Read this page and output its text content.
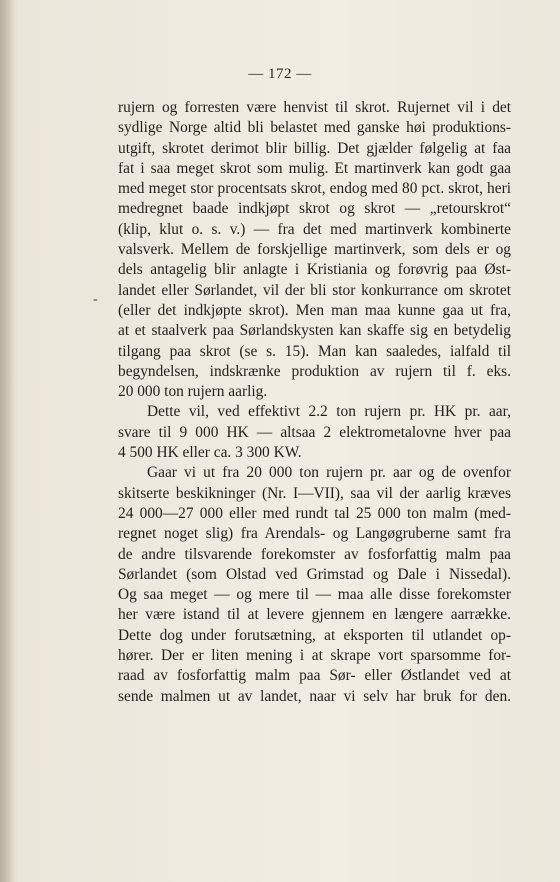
— 172 —
-
rujern og forresten være henvist til skrot. Rujernet vil i det
sydlige Norge altid bli belastet med ganske høi produktions-
utgift, skrotet derimot blir billig. Det gjælder følgelig at faa
fat i saa meget skrot som mulig. Et martinverk kan godt gaa
med meget stor procentsats skrot, endog med 80 pct. skrot, heri
medregnet baade indkjøpt skrot og skrot — „retourskrot“
(klip, klut o. s. v.) — fra det med martinverk kombinerte
valsverk. Mellem de forskjellige martinverk, som dels er og
dels antagelig blir anlagte i Kristiania og forøvrig paa Øst-
landet eller Sørlandet, vil der bli stor konkurrance om skrotet
(eller det indkjøpte skrot). Men man maa kunne gaa ut fra,
at et staalverk paa Sørlandskysten kan skaffe sig en betydelig
tilgang paa skrot (se s. 15). Man kan saaledes, ialfald til
begyndelsen, indskrænke produktion av rujern til f. eks.
20 000 ton rujern aarlig.
Dette vil, ved effektivt 2.2 ton rujern pr. HK pr. aar,
svare til 9 000 HK — altsaa 2 elektrometalovne hver paa
4 500 HK eller ca. 3 300 KW.
Gaar vi ut fra 20 000 ton rujern pr. aar og de ovenfor
skitserte beskikninger (Nr. I—VII), saa vil der aarlig kræves
24 000—27 000 eller med rundt tal 25 000 ton malm (med-
regnet noget slig) fra Arendals- og Langøgruberne samt fra
de andre tilsvarende forekomster av fosforfattig malm paa
Sørlandet (som Olstad ved Grimstad og Dale i Nissedal).
Og saa meget — og mere til — maa alle disse forekomster
her være istand til at levere gjennem en længere aarrække.
Dette dog under forutsætning, at eksporten til utlandet op-
hører. Der er liten mening i at skrape vort sparsomme for-
raad av fosforfattig malm paa Sør- eller Østlandet ved at
sende malmen ut av landet, naar vi selv har bruk for den.
